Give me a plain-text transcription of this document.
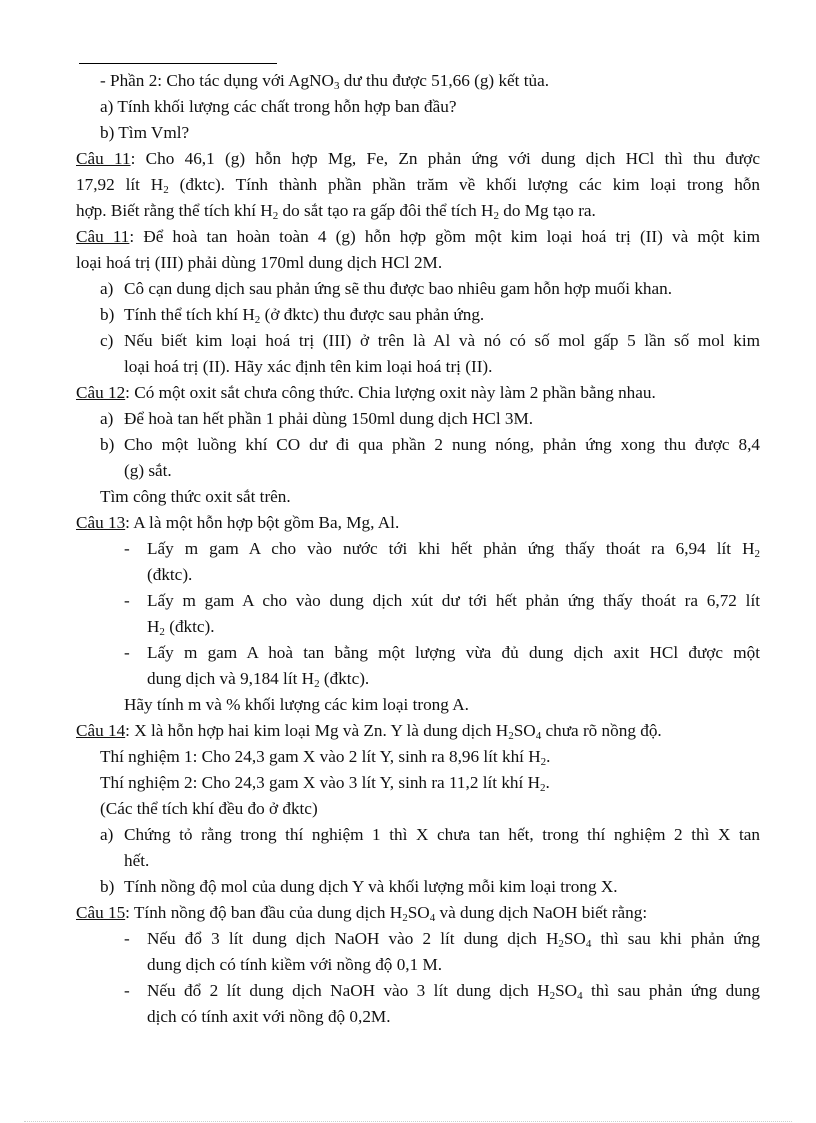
- Phần 2: Cho tác dụng với AgNO$_3$ dư thu được 51,66 (g) kết tủa.
a) Tính khối lượng các chất trong hỗn hợp ban đầu?
b) Tìm Vml?
Câu 11: Cho 46,1 (g) hỗn hợp Mg, Fe, Zn phản ứng với dung dịch HCl thì thu được
17,92 lít $H_2$ (đktc). Tính thành phần phần trăm về khối lượng các kim loại trong hỗn
hợp. Biết rằng thể tích khí $H_2$ do sắt tạo ra gấp đôi thể tích $H_2$ do Mg tạo ra.
Câu 11: Để hoà tan hoàn toàn 4 (g) hỗn hợp gồm một kim loại hoá trị (II) và một kim
loại hoá trị (III) phải dùng 170ml dung dịch HCl 2M.
a) Cô cạn dung dịch sau phản ứng sẽ thu được bao nhiêu gam hỗn hợp muối khan.
b) Tính thể tích khí $H_2$ (ở đktc) thu được sau phản ứng.
c) Nếu biết kim loại hoá trị (III) ở trên là Al và nó có số mol gấp 5 lần số mol kim
loại hoá trị (II). Hãy xác định tên kim loại hoá trị (II).
Câu 12: Có một oxit sắt chưa công thức. Chia lượng oxit này làm 2 phần bằng nhau.
a) Để hoà tan hết phần 1 phải dùng 150ml dung dịch HCl 3M.
b) Cho một luồng khí CO dư đi qua phần 2 nung nóng, phản ứng xong thu được 8,4
(g) sắt.
Tìm công thức oxit sắt trên.
Câu 13: A là một hỗn hợp bột gồm Ba, Mg, Al.
- Lấy m gam A cho vào nước tới khi hết phản ứng thấy thoát ra 6,94 lít $H_2$
(đktc).
- Lấy m gam A cho vào dung dịch xút dư tới hết phản ứng thấy thoát ra 6,72 lít
$H_2$ (đktc).
- Lấy m gam A hoà tan bằng một lượng vừa đủ dung dịch axit HCl được một
dung dịch và 9,184 lít $H_2$ (đktc).
Hãy tính m và % khối lượng các kim loại trong A.
Câu 14: X là hỗn hợp hai kim loại Mg và Zn. Y là dung dịch $H_2SO_4$ chưa rõ nồng độ.
Thí nghiệm 1: Cho 24,3 gam X vào 2 lít Y, sinh ra 8,96 lít khí $H_2$.
Thí nghiệm 2: Cho 24,3 gam X vào 3 lít Y, sinh ra 11,2 lít khí $H_2$.
(Các thể tích khí đều đo ở đktc)
a) Chứng tỏ rằng trong thí nghiệm 1 thì X chưa tan hết, trong thí nghiệm 2 thì X tan
hết.
b) Tính nồng độ mol của dung dịch Y và khối lượng mỗi kim loại trong X.
Câu 15: Tính nồng độ ban đầu của dung dịch $H_2SO_4$ và dung dịch NaOH biết rằng:
- Nếu đổ 3 lít dung dịch NaOH vào 2 lít dung dịch $H_2SO_4$ thì sau khi phản ứng
dung dịch có tính kiềm với nồng độ 0,1 M.
- Nếu đổ 2 lít dung dịch NaOH vào 3 lít dung dịch $H_2SO_4$ thì sau phản ứng dung
dịch có tính axit với nồng độ 0,2M.
